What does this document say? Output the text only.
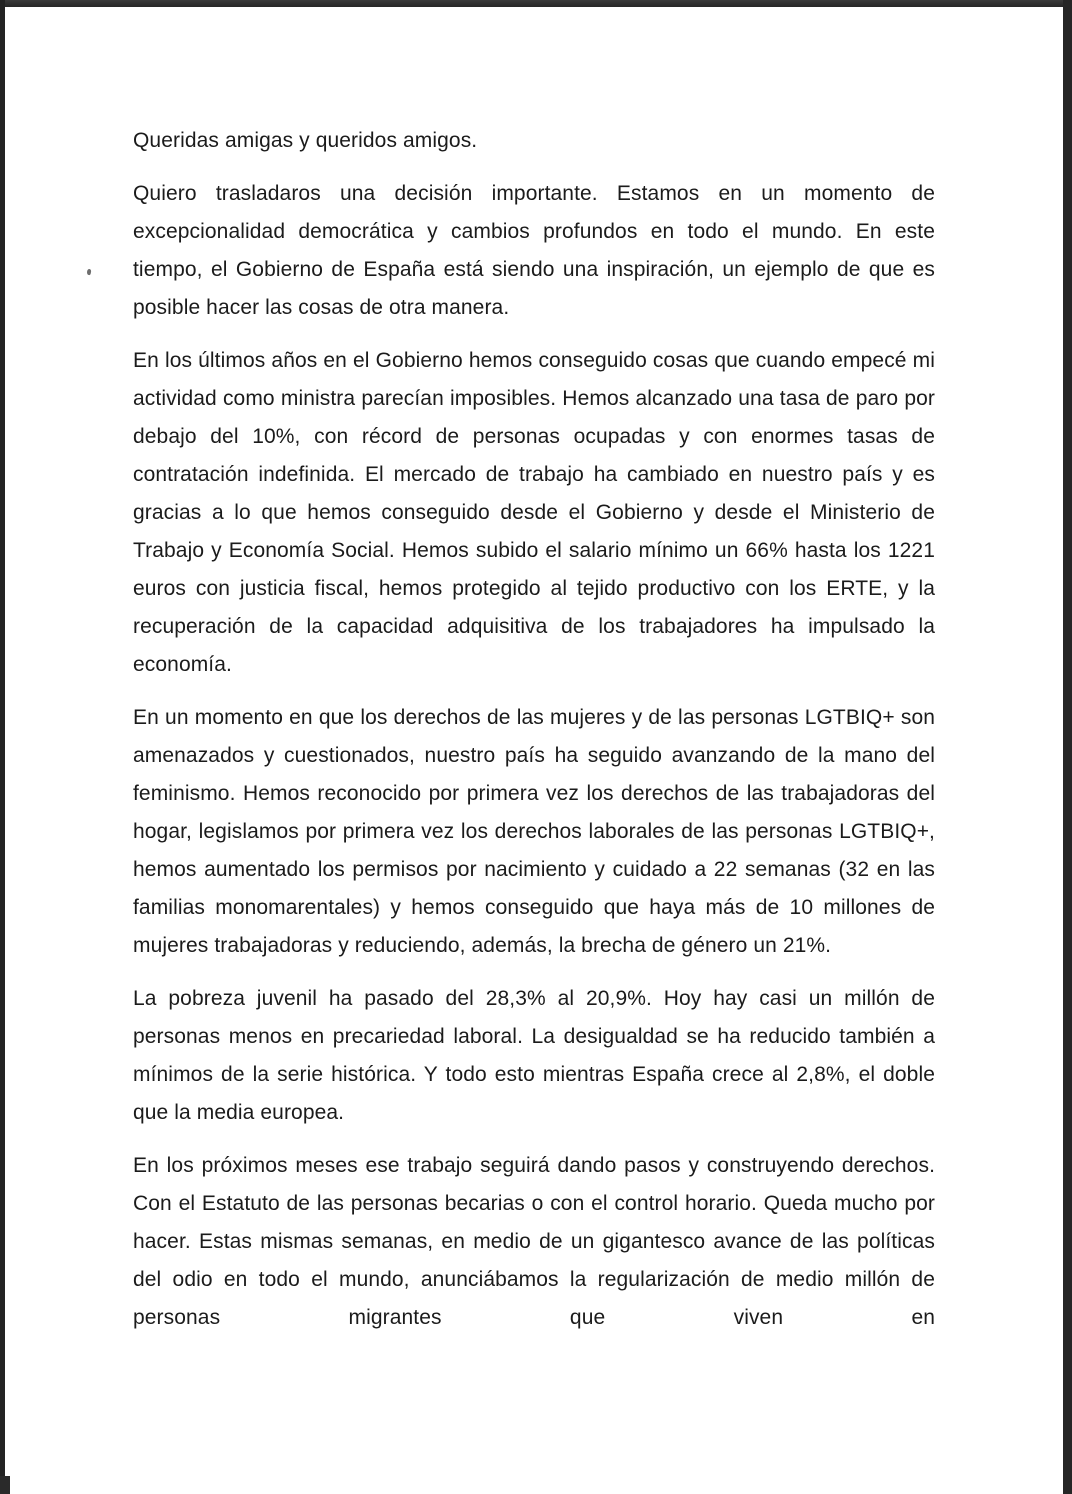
Queridas amigas y queridos amigos.

Quiero trasladaros una decisión importante. Estamos en un momento de excepcionalidad democrática y cambios profundos en todo el mundo. En este tiempo, el Gobierno de España está siendo una inspiración, un ejemplo de que es posible hacer las cosas de otra manera.

En los últimos años en el Gobierno hemos conseguido cosas que cuando empecé mi actividad como ministra parecían imposibles. Hemos alcanzado una tasa de paro por debajo del 10%, con récord de personas ocupadas y con enormes tasas de contratación indefinida. El mercado de trabajo ha cambiado en nuestro país y es gracias a lo que hemos conseguido desde el Gobierno y desde el Ministerio de Trabajo y Economía Social. Hemos subido el salario mínimo un 66% hasta los 1221 euros con justicia fiscal, hemos protegido al tejido productivo con los ERTE, y la recuperación de la capacidad adquisitiva de los trabajadores ha impulsado la economía.

En un momento en que los derechos de las mujeres y de las personas LGTBIQ+ son amenazados y cuestionados, nuestro país ha seguido avanzando de la mano del feminismo. Hemos reconocido por primera vez los derechos de las trabajadoras del hogar, legislamos por primera vez los derechos laborales de las personas LGTBIQ+, hemos aumentado los permisos por nacimiento y cuidado a 22 semanas (32 en las familias monomarentales) y hemos conseguido que haya más de 10 millones de mujeres trabajadoras y reduciendo, además, la brecha de género un 21%.

La pobreza juvenil ha pasado del 28,3% al 20,9%. Hoy hay casi un millón de personas menos en precariedad laboral. La desigualdad se ha reducido también a mínimos de la serie histórica. Y todo esto mientras España crece al 2,8%, el doble que la media europea.

En los próximos meses ese trabajo seguirá dando pasos y construyendo derechos. Con el Estatuto de las personas becarias o con el control horario. Queda mucho por hacer. Estas mismas semanas, en medio de un gigantesco avance de las políticas del odio en todo el mundo, anunciábamos la regularización de medio millón de personas migrantes que viven en
